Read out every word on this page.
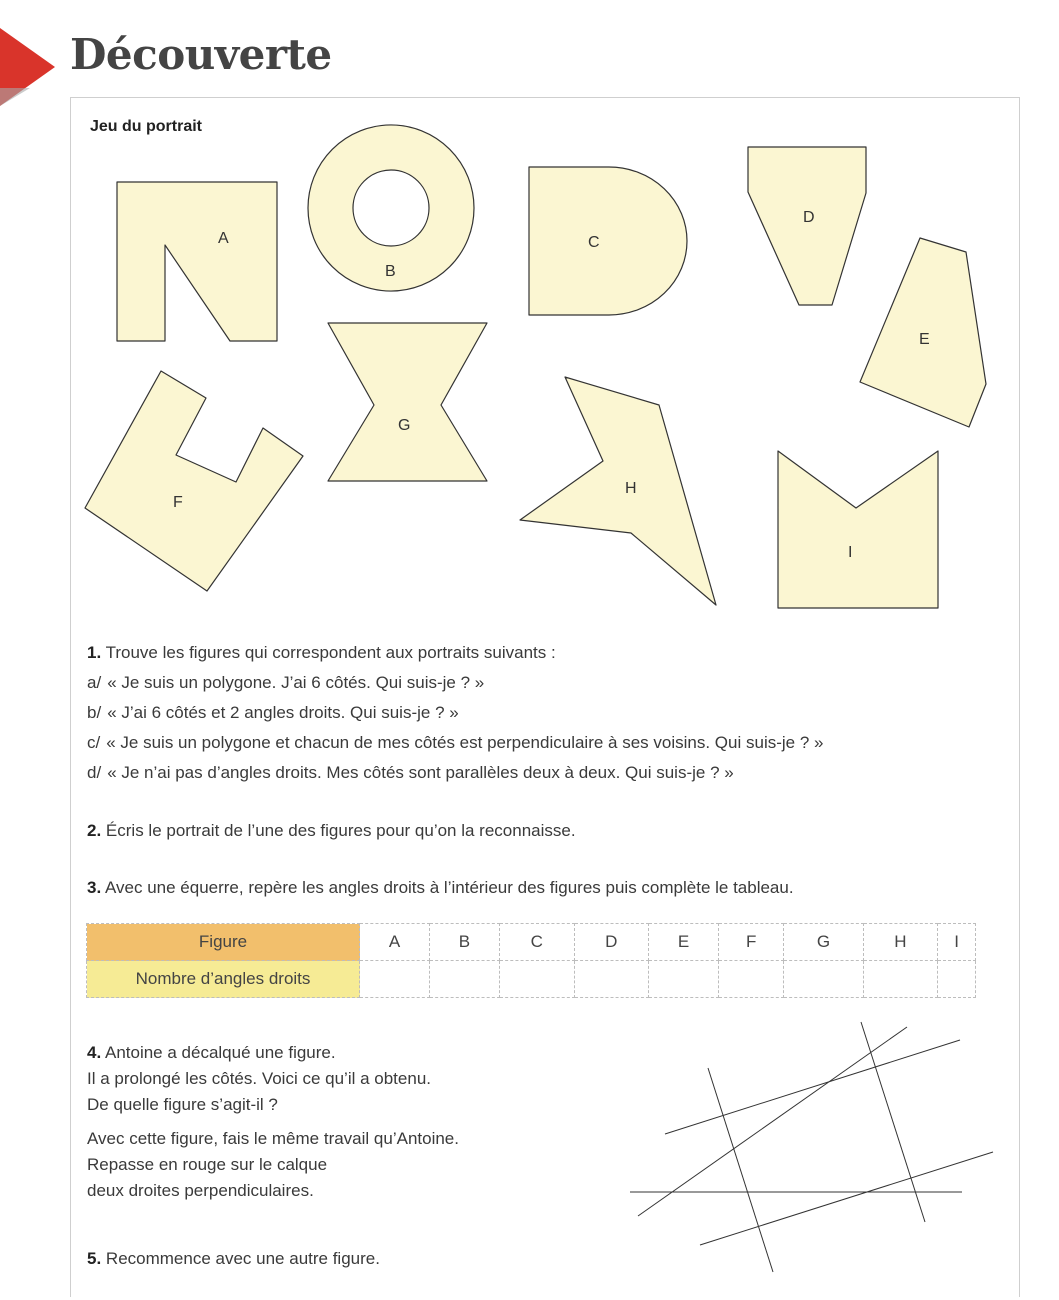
Découverte
Jeu du portrait
A
B
C
D
E
F
G
H
I
1. Trouve les figures qui correspondent aux portraits suivants :
a/ « Je suis un polygone. J’ai 6 côtés. Qui suis-je ? »
b/ « J’ai 6 côtés et 2 angles droits. Qui suis-je ? »
c/ « Je suis un polygone et chacun de mes côtés est perpendiculaire à ses voisins. Qui suis-je ? »
d/ « Je n’ai pas d’angles droits. Mes côtés sont parallèles deux à deux. Qui suis-je ? »
2. Écris le portrait de l’une des figures pour qu’on la reconnaisse.
3. Avec une équerre, repère les angles droits à l’intérieur des figures puis complète le tableau.
Figure	A	B	C	D	E	F	G	H	I
Nombre d’angles droits									
4. Antoine a décalqué une figure.
Il a prolongé les côtés. Voici ce qu’il a obtenu.
De quelle figure s’agit-il ?
Avec cette figure, fais le même travail qu’Antoine.
Repasse en rouge sur le calque
deux droites perpendiculaires.
5. Recommence avec une autre figure.
